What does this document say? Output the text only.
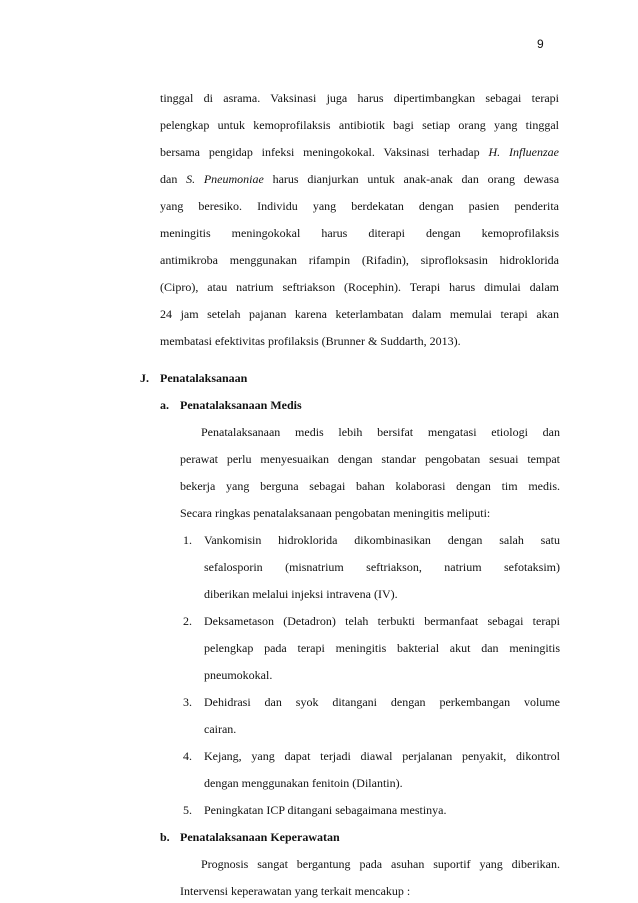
9
tinggal di asrama. Vaksinasi juga harus dipertimbangkan sebagai terapi
pelengkap untuk kemoprofilaksis antibiotik bagi setiap orang yang tinggal
bersama pengidap infeksi meningokokal. Vaksinasi terhadap H. Influenzae
dan S. Pneumoniae harus dianjurkan untuk anak-anak dan orang dewasa
yang beresiko. Individu yang berdekatan dengan pasien penderita
meningitis meningokokal harus diterapi dengan kemoprofilaksis
antimikroba menggunakan rifampin (Rifadin), siprofloksasin hidroklorida
(Cipro), atau natrium seftriakson (Rocephin). Terapi harus dimulai dalam
24 jam setelah pajanan karena keterlambatan dalam memulai terapi akan
membatasi efektivitas profilaksis (Brunner & Suddarth, 2013).
J. Penatalaksanaan
a. Penatalaksanaan Medis
Penatalaksanaan medis lebih bersifat mengatasi etiologi dan
perawat perlu menyesuaikan dengan standar pengobatan sesuai tempat
bekerja yang berguna sebagai bahan kolaborasi dengan tim medis.
Secara ringkas penatalaksanaan pengobatan meningitis meliputi:
1. Vankomisin hidroklorida dikombinasikan dengan salah satu
sefalosporin (misnatrium seftriakson, natrium sefotaksim)
diberikan melalui injeksi intravena (IV).
2. Deksametason (Detadron) telah terbukti bermanfaat sebagai terapi
pelengkap pada terapi meningitis bakterial akut dan meningitis
pneumokokal.
3. Dehidrasi dan syok ditangani dengan perkembangan volume
cairan.
4. Kejang, yang dapat terjadi diawal perjalanan penyakit, dikontrol
dengan menggunakan fenitoin (Dilantin).
5. Peningkatan ICP ditangani sebagaimana mestinya.
b. Penatalaksanaan Keperawatan
Prognosis sangat bergantung pada asuhan suportif yang diberikan.
Intervensi keperawatan yang terkait mencakup :
